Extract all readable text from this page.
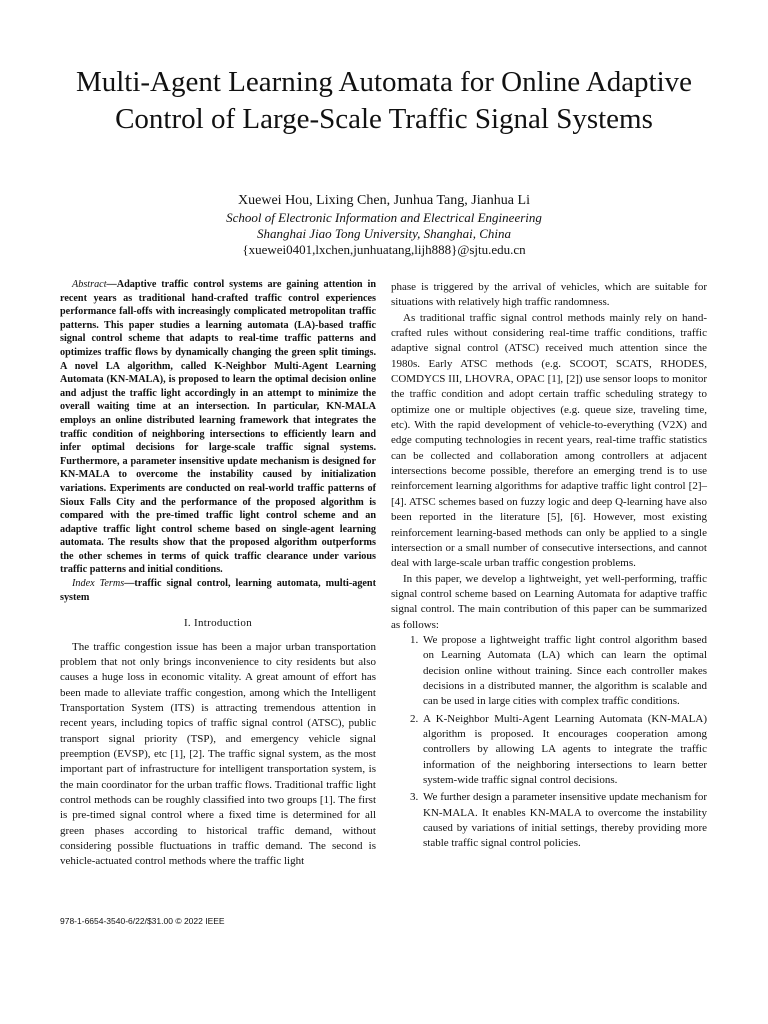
Multi-Agent Learning Automata for Online Adaptive Control of Large-Scale Traffic Signal Systems
Xuewei Hou, Lixing Chen, Junhua Tang, Jianhua Li
School of Electronic Information and Electrical Engineering
Shanghai Jiao Tong University, Shanghai, China
{xuewei0401,lxchen,junhuatang,lijh888}@sjtu.edu.cn

Abstract—Adaptive traffic control systems are gaining attention in recent years as traditional hand-crafted traffic control experiences performance fall-offs with increasingly complicated metropolitan traffic patterns. This paper studies a learning automata (LA)-based traffic signal control scheme that adapts to real-time traffic patterns and optimizes traffic flows by dynamically changing the green split timings. A novel LA algorithm, called K-Neighbor Multi-Agent Learning Automata (KN-MALA), is proposed to learn the optimal decision online and adjust the traffic light accordingly in an attempt to minimize the overall waiting time at an intersection. In particular, KN-MALA employs an online distributed learning framework that integrates the traffic condition of neighboring intersections to efficiently learn and infer optimal decisions for large-scale traffic signal systems. Furthermore, a parameter insensitive update mechanism is designed for KN-MALA to overcome the instability caused by initialization variations. Experiments are conducted on real-world traffic patterns of Sioux Falls City and the performance of the proposed algorithm is compared with the pre-timed traffic light control scheme and an adaptive traffic light control scheme based on single-agent learning automata. The results show that the proposed algorithm outperforms the other schemes in terms of quick traffic clearance under various traffic patterns and initial conditions.

Index Terms—traffic signal control, learning automata, multi-agent system

I. Introduction

The traffic congestion issue has been a major urban transportation problem that not only brings inconvenience to city residents but also causes a huge loss in economic vitality. A great amount of effort has been made to alleviate traffic congestion, among which the Intelligent Transportation System (ITS) is attracting tremendous attention in recent years, including topics of traffic signal control (ATSC), public transport signal priority (TSP), and emergency vehicle signal preemption (EVSP), etc [1], [2]. The traffic signal system, as the most important part of infrastructure for intelligent transportation system, is the main coordinator for the urban traffic flows. Traditional traffic light control methods can be roughly classified into two groups [1]. The first is pre-timed signal control where a fixed time is determined for all green phases according to historical traffic demand, without considering possible fluctuations in traffic demand. The second is vehicle-actuated control methods where the traffic light

phase is triggered by the arrival of vehicles, which are suitable for situations with relatively high traffic randomness.

As traditional traffic signal control methods mainly rely on hand-crafted rules without considering real-time traffic conditions, traffic adaptive signal control (ATSC) received much attention since the 1980s. Early ATSC methods (e.g. SCOOT, SCATS, RHODES, COMDYCS III, LHOVRA, OPAC [1], [2]) use sensor loops to monitor the traffic condition and adopt certain traffic scheduling strategy to optimize one or multiple objectives (e.g. queue size, traveling time, etc). With the rapid development of vehicle-to-everything (V2X) and edge computing technologies in recent years, real-time traffic statistics can be collected and collaboration among controllers at adjacent intersections become possible, therefore an emerging trend is to use reinforcement learning algorithms for adaptive traffic light control [2]–[4]. ATSC schemes based on fuzzy logic and deep Q-learning have also been reported in the literature [5], [6]. However, most existing reinforcement learning-based methods can only be applied to a single intersection or a small number of consecutive intersections, and cannot deal with large-scale urban traffic congestion problems.

In this paper, we develop a lightweight, yet well-performing, traffic signal control scheme based on Learning Automata for adaptive traffic signal control. The main contribution of this paper can be summarized as follows:

1. We propose a lightweight traffic light control algorithm based on Learning Automata (LA) which can learn the optimal decision online without training. Since each controller makes decisions in a distributed manner, the algorithm is scalable and can be used in large cities with complex traffic conditions.
2. A K-Neighbor Multi-Agent Learning Automata (KN-MALA) algorithm is proposed. It encourages cooperation among controllers by allowing LA agents to integrate the traffic information of the neighboring intersections to learn better system-wide traffic signal control decisions.
3. We further design a parameter insensitive update mechanism for KN-MALA. It enables KN-MALA to overcome the instability caused by variations of initial settings, thereby providing more stable traffic signal control policies.
978-1-6654-3540-6/22/$31.00 © 2022 IEEE
